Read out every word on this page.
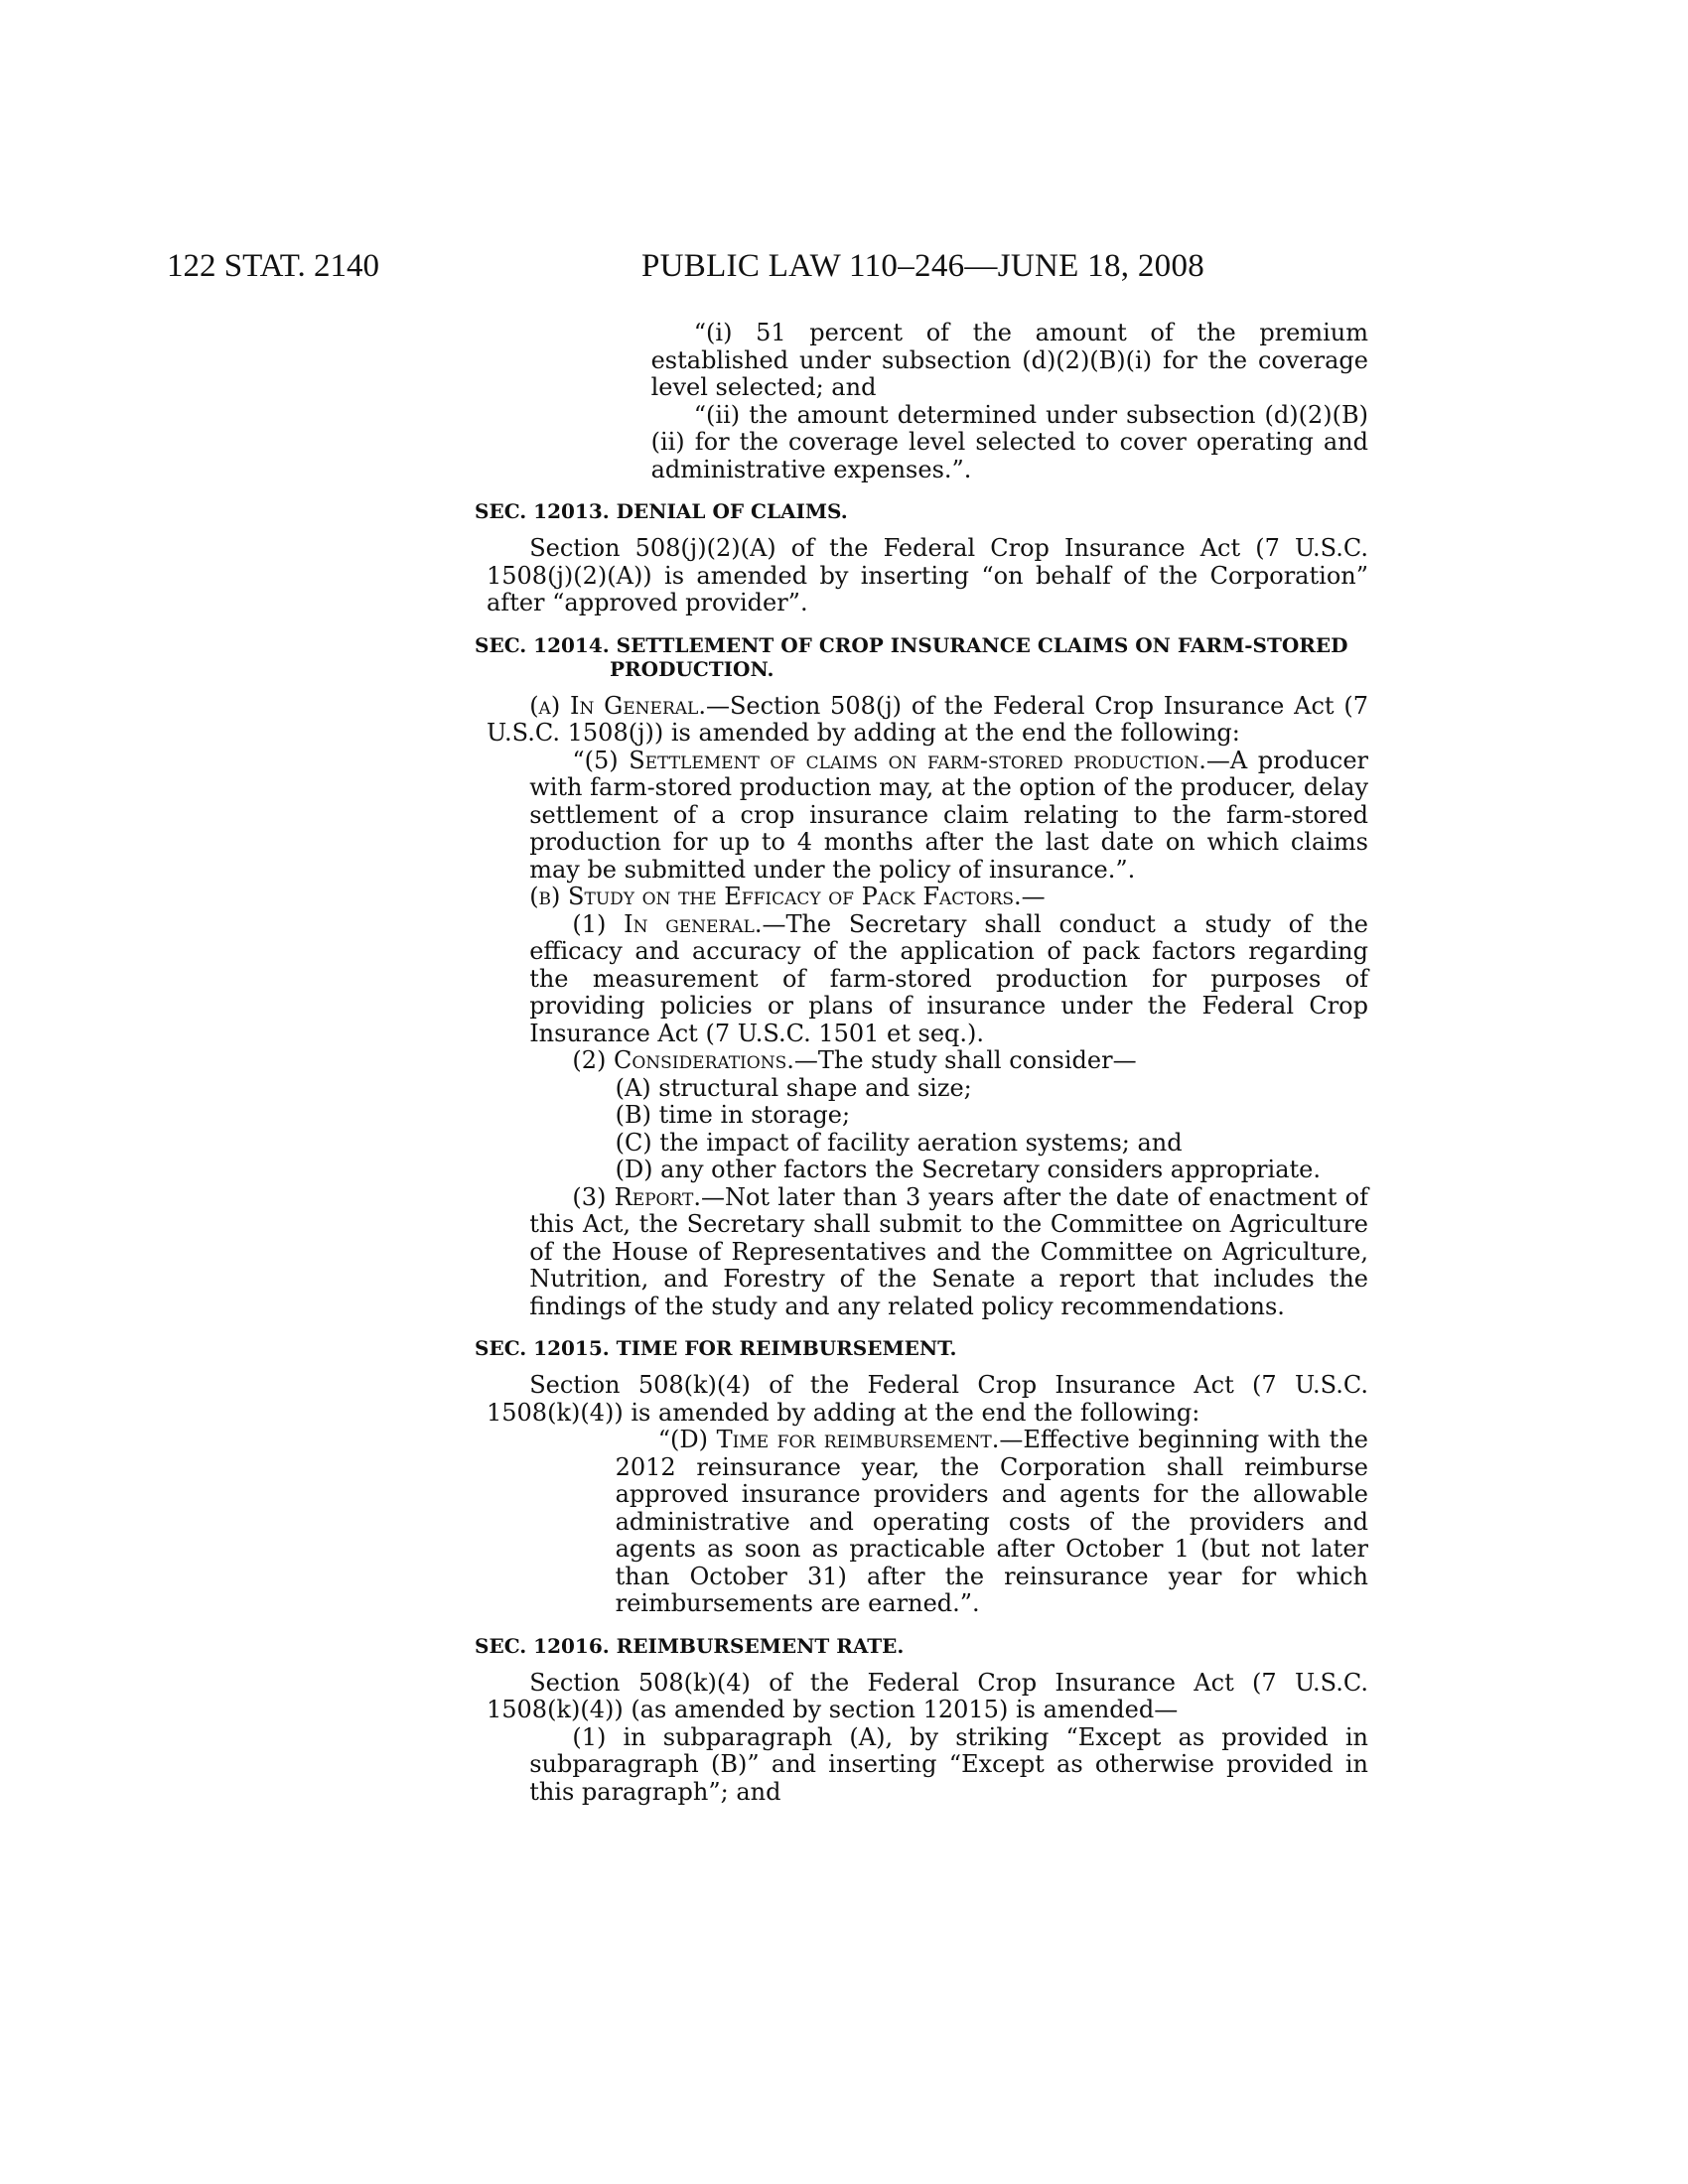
122 STAT. 2140	PUBLIC LAW 110–246—JUNE 18, 2008

“(i) 51 percent of the amount of the premium established under subsection (d)(2)(B)(i) for the coverage level selected; and

“(ii) the amount determined under subsection (d)(2)(B)(ii) for the coverage level selected to cover operating and administrative expenses.”.

SEC. 12013. DENIAL OF CLAIMS.

Section 508(j)(2)(A) of the Federal Crop Insurance Act (7 U.S.C. 1508(j)(2)(A)) is amended by inserting “on behalf of the Corporation” after “approved provider”.

SEC. 12014. SETTLEMENT OF CROP INSURANCE CLAIMS ON FARM-STORED PRODUCTION.

(a) In General.—Section 508(j) of the Federal Crop Insurance Act (7 U.S.C. 1508(j)) is amended by adding at the end the following:

“(5) Settlement of claims on farm-stored production.—A producer with farm-stored production may, at the option of the producer, delay settlement of a crop insurance claim relating to the farm-stored production for up to 4 months after the last date on which claims may be submitted under the policy of insurance.”.

(b) Study on the Efficacy of Pack Factors.—

(1) In general.—The Secretary shall conduct a study of the efficacy and accuracy of the application of pack factors regarding the measurement of farm-stored production for purposes of providing policies or plans of insurance under the Federal Crop Insurance Act (7 U.S.C. 1501 et seq.).

(2) Considerations.—The study shall consider—

(A) structural shape and size;

(B) time in storage;

(C) the impact of facility aeration systems; and

(D) any other factors the Secretary considers appropriate.

(3) Report.—Not later than 3 years after the date of enactment of this Act, the Secretary shall submit to the Committee on Agriculture of the House of Representatives and the Committee on Agriculture, Nutrition, and Forestry of the Senate a report that includes the findings of the study and any related policy recommendations.

SEC. 12015. TIME FOR REIMBURSEMENT.

Section 508(k)(4) of the Federal Crop Insurance Act (7 U.S.C. 1508(k)(4)) is amended by adding at the end the following:

“(D) Time for reimbursement.—Effective beginning with the 2012 reinsurance year, the Corporation shall reimburse approved insurance providers and agents for the allowable administrative and operating costs of the providers and agents as soon as practicable after October 1 (but not later than October 31) after the reinsurance year for which reimbursements are earned.”.

SEC. 12016. REIMBURSEMENT RATE.

Section 508(k)(4) of the Federal Crop Insurance Act (7 U.S.C. 1508(k)(4)) (as amended by section 12015) is amended—

(1) in subparagraph (A), by striking “Except as provided in subparagraph (B)” and inserting “Except as otherwise provided in this paragraph”; and
